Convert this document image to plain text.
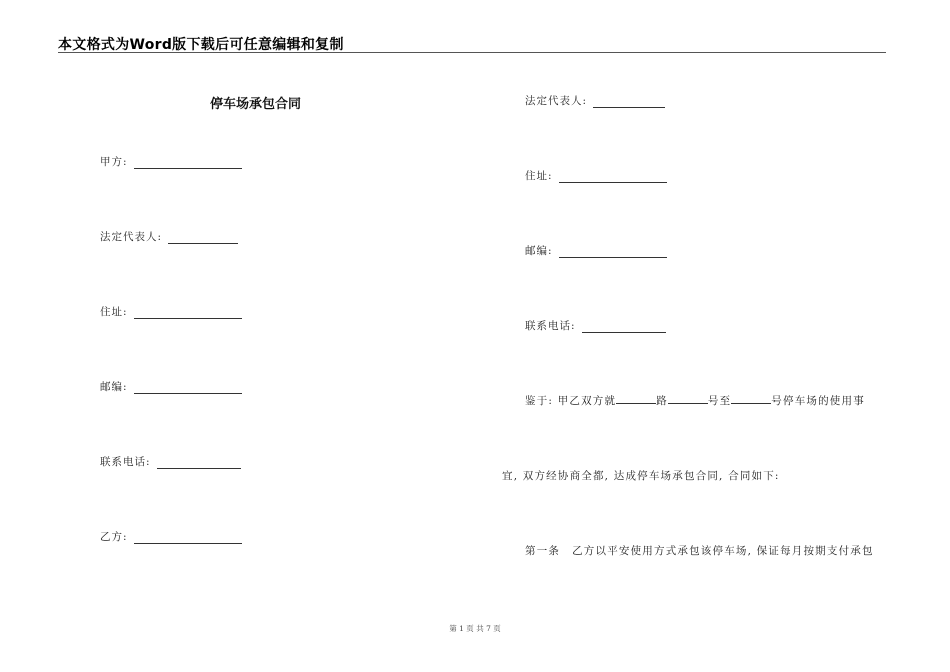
本文格式为Word版下载后可任意编辑和复制
停车场承包合同
甲方:
法定代表人:
住址:
邮编:
联系电话:
乙方:
法定代表人:
住址:
邮编:
联系电话:
鉴于: 甲乙双方就	路	号至	号停车场的使用事
宜, 双方经协商全都, 达成停车场承包合同, 合同如下:
第一条 乙方以平安使用方式承包该停车场, 保证每月按期支付承包
第 1 页 共 7 页
